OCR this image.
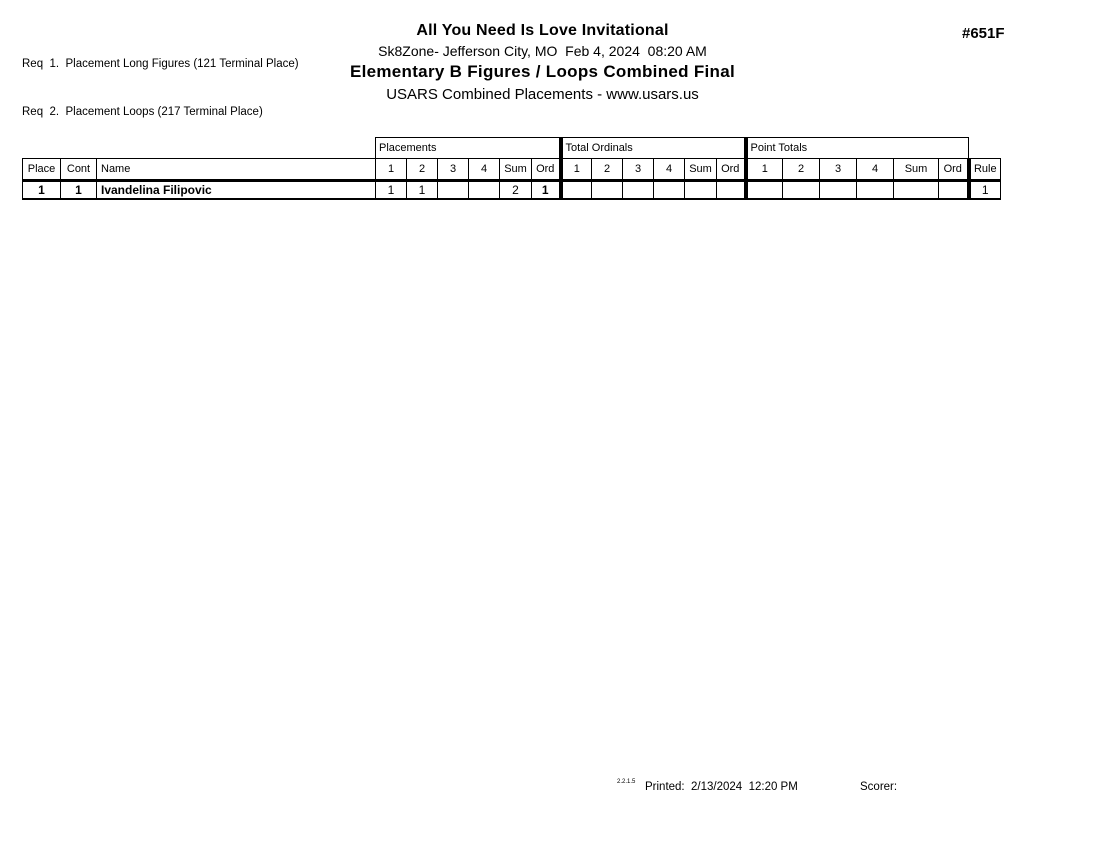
Req  1.  Placement Long Figures (121 Terminal Place)

Req  2.  Placement Loops (217 Terminal Place)

All You Need Is Love Invitational
Sk8Zone- Jefferson City, MO  Feb 4, 2024  08:20 AM
Elementary B Figures / Loops Combined Final
USARS Combined Placements - www.usars.us
#651F
			Placements						Total Ordinals						Point Totals						
Place	Cont	Name	1	2	3	4	Sum	Ord	1	2	3	4	Sum	Ord	1	2	3	4	Sum	Ord	Rule
1	1	Ivandelina Filipovic	1	1			2	1													1
2.2.1.5 Printed: 2/13/2024  12:20 PM	Scorer:
